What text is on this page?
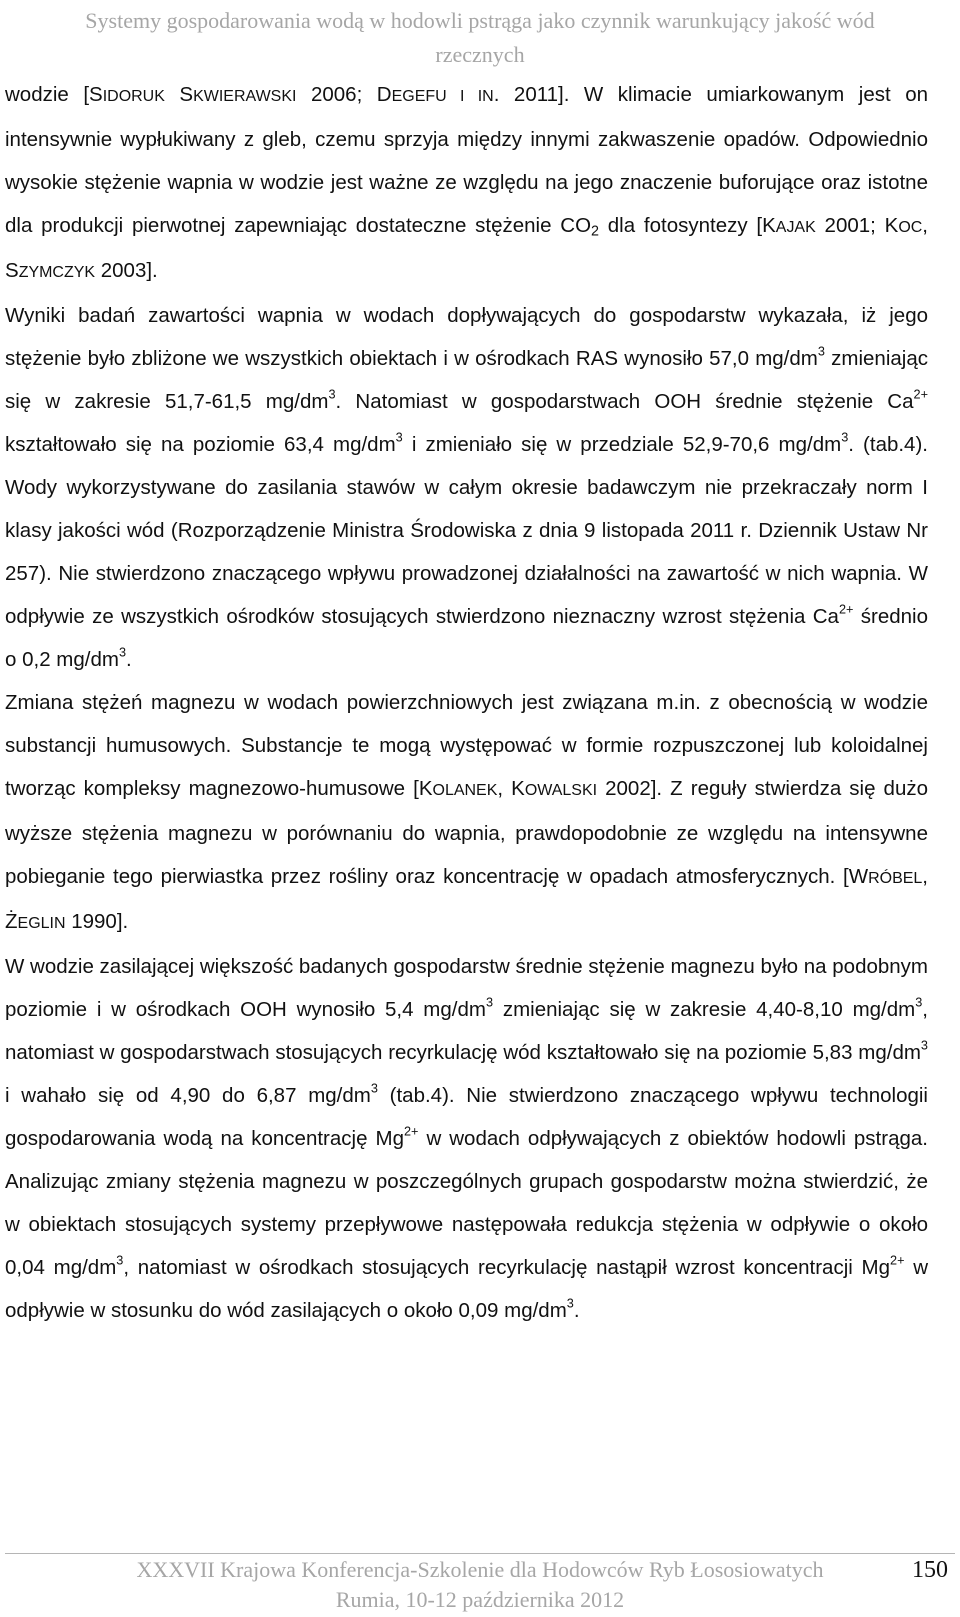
Systemy gospodarowania wodą w hodowli pstrąga jako czynnik warunkujący jakość wód
rzecznych

wodzie [SIDORUK SKWIERAWSKI 2006; DEGEFU I IN. 2011]. W klimacie umiarkowanym jest on intensywnie wypłukiwany z gleb, czemu sprzyja między innymi zakwaszenie opadów. Odpowiednio wysokie stężenie wapnia w wodzie jest ważne ze względu na jego znaczenie buforujące oraz istotne dla produkcji pierwotnej zapewniając dostateczne stężenie $CO_2$ dla fotosyntezy [KAJAK 2001; KOC, SZYMCZYK 2003].

Wyniki badań zawartości wapnia w wodach dopływających do gospodarstw wykazała, iż jego stężenie było zbliżone we wszystkich obiektach i w ośrodkach RAS wynosiło 57,0 $mg/dm^3$ zmieniając się w zakresie 51,7-61,5 $mg/dm^3$. Natomiast w gospodarstwach OOH średnie stężenie $Ca^{2+}$ kształtowało się na poziomie 63,4 $mg/dm^3$ i zmieniało się w przedziale 52,9-70,6 $mg/dm^3$. (tab.4). Wody wykorzystywane do zasilania stawów w całym okresie badawczym nie przekraczały norm I klasy jakości wód (Rozporządzenie Ministra Środowiska z dnia 9 listopada 2011 r. Dziennik Ustaw Nr 257). Nie stwierdzono znaczącego wpływu prowadzonej działalności na zawartość w nich wapnia. W odpływie ze wszystkich ośrodków stosujących stwierdzono nieznaczny wzrost stężenia $Ca^{2+}$ średnio o 0,2 $mg/dm^3$.

Zmiana stężeń magnezu w wodach powierzchniowych jest związana m.in. z obecnością w wodzie substancji humusowych. Substancje te mogą występować w formie rozpuszczonej lub koloidalnej tworząc kompleksy magnezowo-humusowe [KOLANEK, KOWALSKI 2002]. Z reguły stwierdza się dużo wyższe stężenia magnezu w porównaniu do wapnia, prawdopodobnie ze względu na intensywne pobieganie tego pierwiastka przez rośliny oraz koncentrację w opadach atmosferycznych. [WRÓBEL, ŻEGLIN 1990].

W wodzie zasilającej większość badanych gospodarstw średnie stężenie magnezu było na podobnym poziomie i w ośrodkach OOH wynosiło 5,4 $mg/dm^3$ zmieniając się w zakresie 4,40-8,10 $mg/dm^3$, natomiast w gospodarstwach stosujących recyrkulację wód kształtowało się na poziomie 5,83 $mg/dm^3$ i wahało się od 4,90 do 6,87 $mg/dm^3$ (tab.4). Nie stwierdzono znaczącego wpływu technologii gospodarowania wodą na koncentrację $Mg^{2+}$ w wodach odpływających z obiektów hodowli pstrąga. Analizując zmiany stężenia magnezu w poszczególnych grupach gospodarstw można stwierdzić, że w obiektach stosujących systemy przepływowe następowała redukcja stężenia w odpływie o około 0,04 $mg/dm^3$, natomiast w ośrodkach stosujących recyrkulację nastąpił wzrost koncentracji $Mg^{2+}$ w odpływie w stosunku do wód zasilających o około 0,09 $mg/dm^3$.

XXXVII Krajowa Konferencja-Szkolenie dla Hodowców Ryb Łososiowatych
Rumia, 10-12 października 2012
150
